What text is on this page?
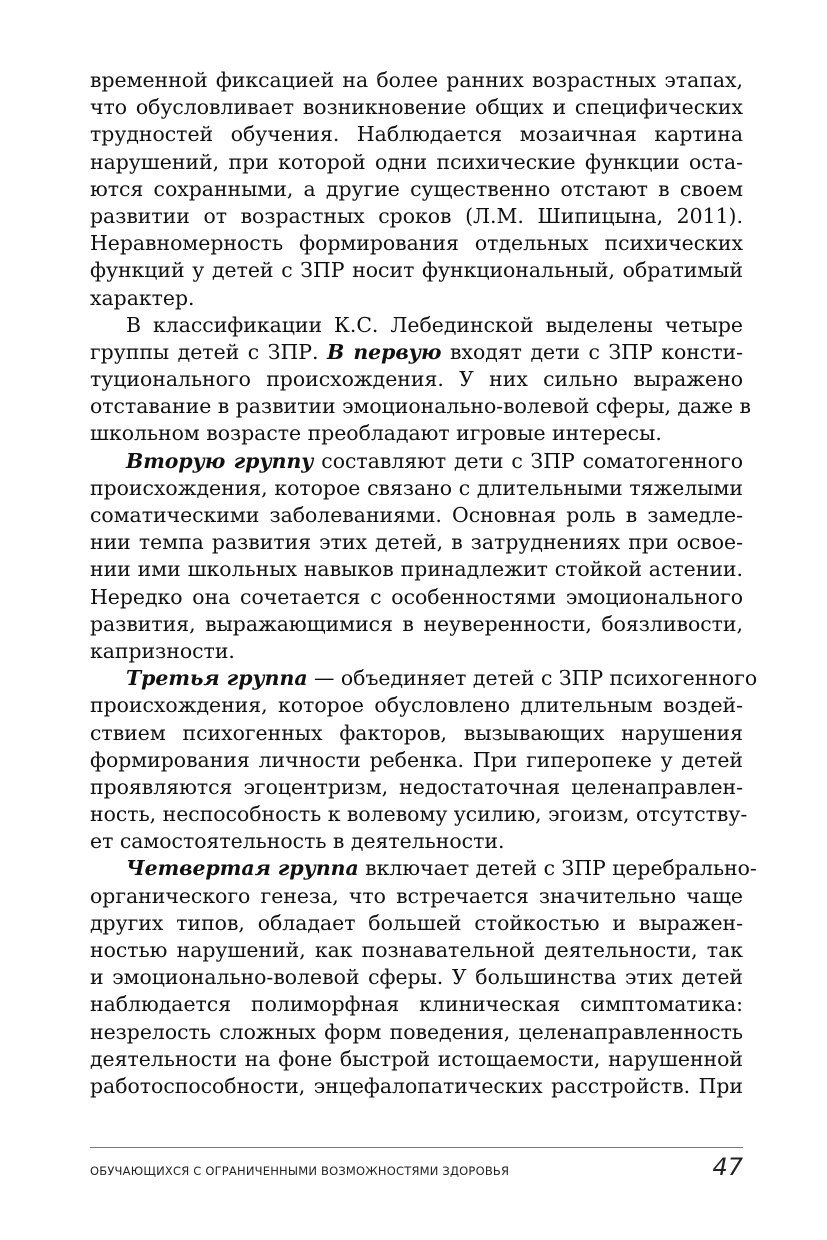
временной фиксацией на более ранних возрастных этапах,
что обусловливает возникновение общих и специфических
трудностей обучения. Наблюдается мозаичная картина
нарушений, при которой одни психические функции оста-
ются сохранными, а другие существенно отстают в своем
развитии от возрастных сроков (Л.М. Шипицына, 2011).
Неравномерность формирования отдельных психических
функций у детей с ЗПР носит функциональный, обратимый
характер.
В классификации К.С. Лебединской выделены четыре
группы детей с ЗПР. В первую входят дети с ЗПР консти-
туционального происхождения. У них сильно выражено
отставание в развитии эмоционально-волевой сферы, даже в
школьном возрасте преобладают игровые интересы.
Вторую группу составляют дети с ЗПР соматогенного
происхождения, которое связано с длительными тяжелыми
соматическими заболеваниями. Основная роль в замедле-
нии темпа развития этих детей, в затруднениях при освое-
нии ими школьных навыков принадлежит стойкой астении.
Нередко она сочетается с особенностями эмоционального
развития, выражающимися в неуверенности, боязливости,
капризности.
Третья группа — объединяет детей с ЗПР психогенного
происхождения, которое обусловлено длительным воздей-
ствием психогенных факторов, вызывающих нарушения
формирования личности ребенка. При гиперопеке у детей
проявляются эгоцентризм, недостаточная целенаправлен-
ность, неспособность к волевому усилию, эгоизм, отсутству-
ет самостоятельность в деятельности.
Четвертая группа включает детей с ЗПР церебрально-
органического генеза, что встречается значительно чаще
других типов, обладает большей стойкостью и выражен-
ностью нарушений, как познавательной деятельности, так
и эмоционально-волевой сферы. У большинства этих детей
наблюдается полиморфная клиническая симптоматика:
незрелость сложных форм поведения, целенаправленность
деятельности на фоне быстрой истощаемости, нарушенной
работоспособности, энцефалопатических расстройств. При
ОБУЧАЮЩИХСЯ С ОГРАНИЧЕННЫМИ ВОЗМОЖНОСТЯМИ ЗДОРОВЬЯ	47
